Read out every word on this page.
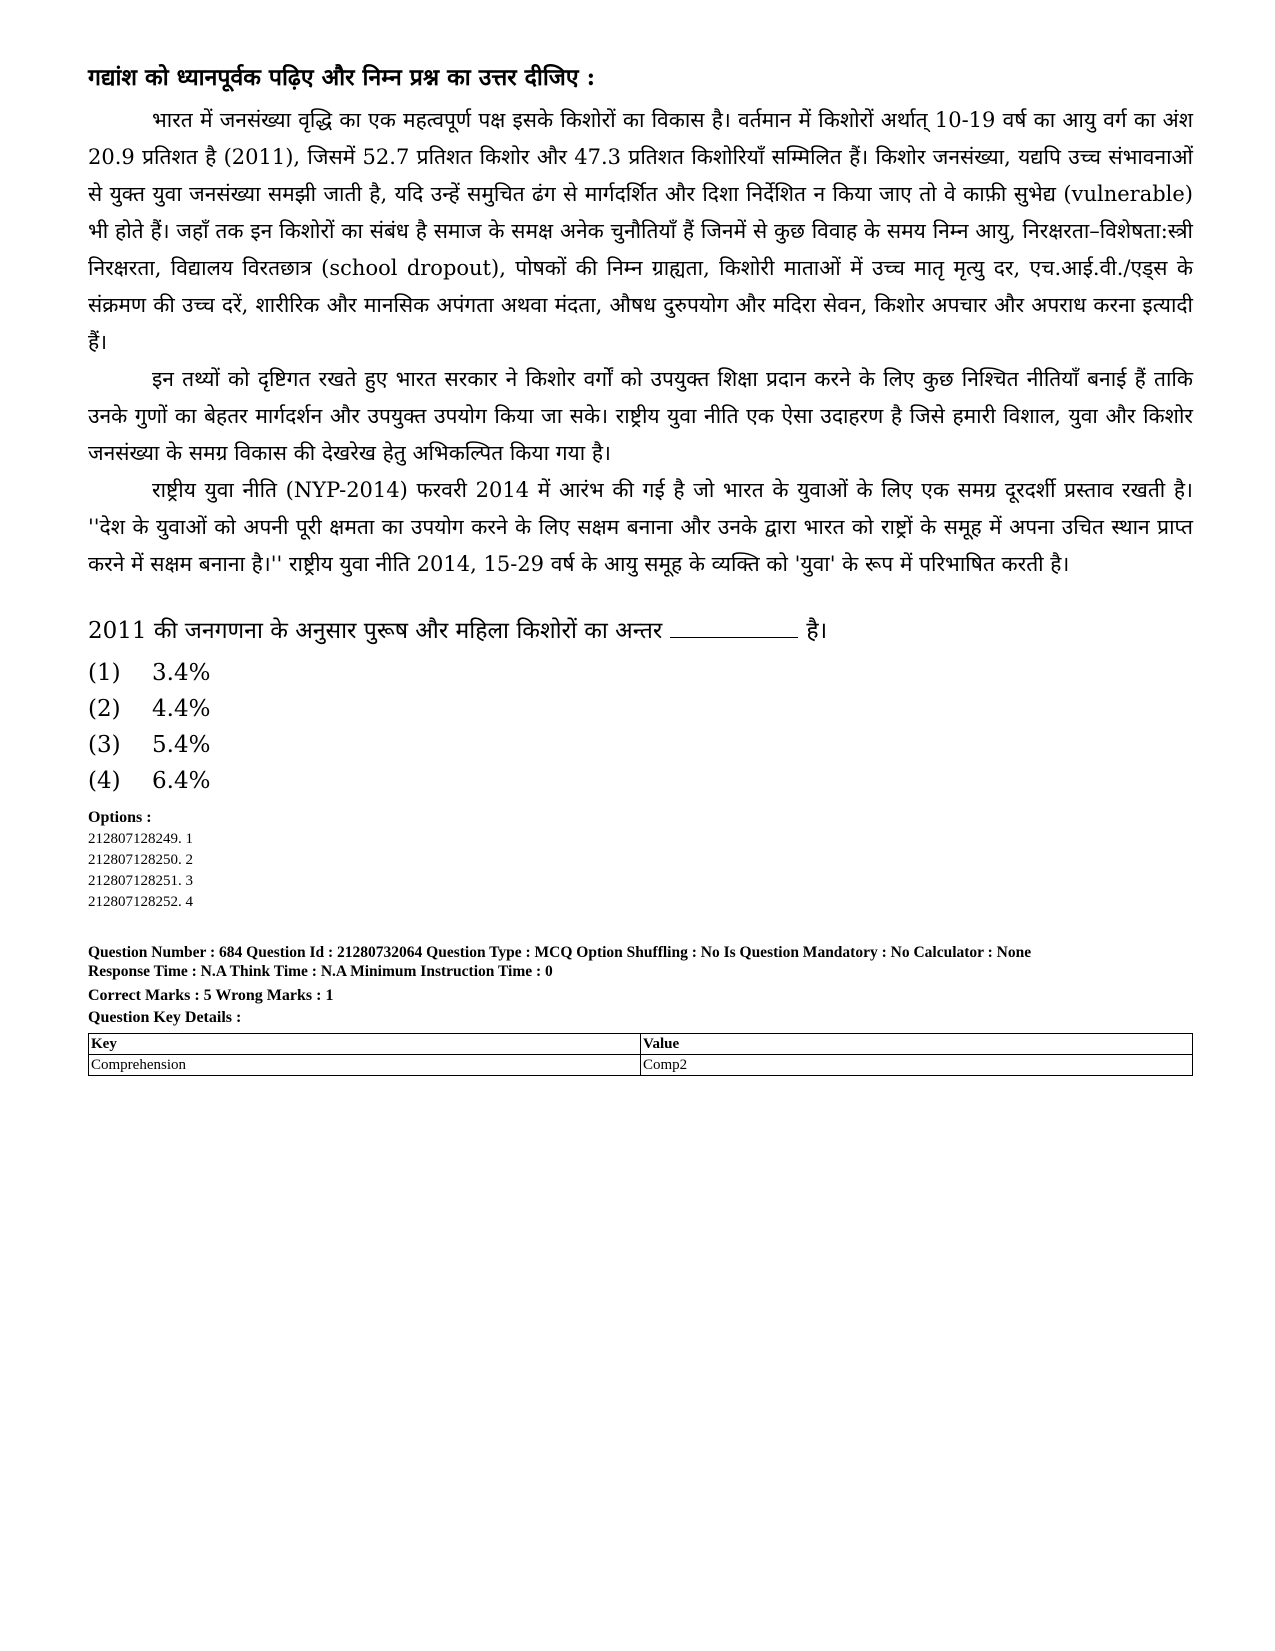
गद्यांश को ध्यानपूर्वक पढ़िए और निम्न प्रश्न का उत्तर दीजिए :

भारत में जनसंख्या वृद्धि का एक महत्वपूर्ण पक्ष इसके किशोरों का विकास है। वर्तमान में किशोरों अर्थात् 10-19 वर्ष का आयु वर्ग का अंश 20.9 प्रतिशत है (2011), जिसमें 52.7 प्रतिशत किशोर और 47.3 प्रतिशत किशोरियाँ सम्मिलित हैं। किशोर जनसंख्या, यद्यपि उच्च संभावनाओं से युक्त युवा जनसंख्या समझी जाती है, यदि उन्हें समुचित ढंग से मार्गदर्शित और दिशा निर्देशित न किया जाए तो वे काफ़ी सुभेद्य (vulnerable) भी होते हैं। जहाँ तक इन किशोरों का संबंध है समाज के समक्ष अनेक चुनौतियाँ हैं जिनमें से कुछ विवाह के समय निम्न आयु, निरक्षरता–विशेषता:स्त्री निरक्षरता, विद्यालय विरतछात्र (school dropout), पोषकों की निम्न ग्राह्यता, किशोरी माताओं में उच्च मातृ मृत्यु दर, एच.आई.वी./एड्स के संक्रमण की उच्च दरें, शारीरिक और मानसिक अपंगता अथवा मंदता, औषध दुरुपयोग और मदिरा सेवन, किशोर अपचार और अपराध करना इत्यादी हैं।

इन तथ्यों को दृष्टिगत रखते हुए भारत सरकार ने किशोर वर्गों को उपयुक्त शिक्षा प्रदान करने के लिए कुछ निश्चित नीतियाँ बनाई हैं ताकि उनके गुणों का बेहतर मार्गदर्शन और उपयुक्त उपयोग किया जा सके। राष्ट्रीय युवा नीति एक ऐसा उदाहरण है जिसे हमारी विशाल, युवा और किशोर जनसंख्या के समग्र विकास की देखरेख हेतु अभिकल्पित किया गया है।

राष्ट्रीय युवा नीति (NYP-2014) फरवरी 2014 में आरंभ की गई है जो भारत के युवाओं के लिए एक समग्र दूरदर्शी प्रस्ताव रखती है। ''देश के युवाओं को अपनी पूरी क्षमता का उपयोग करने के लिए सक्षम बनाना और उनके द्वारा भारत को राष्ट्रों के समूह में अपना उचित स्थान प्राप्त करने में सक्षम बनाना है।'' राष्ट्रीय युवा नीति 2014, 15-29 वर्ष के आयु समूह के व्यक्ति को 'युवा' के रूप में परिभाषित करती है।

2011 की जनगणना के अनुसार पुरूष और महिला किशोरों का अन्तर	है।
(1)	3.4%
(2)	4.4%
(3)	5.4%
(4)	6.4%
Options :
212807128249. 1
212807128250. 2
212807128251. 3
212807128252. 4
Question Number : 684 Question Id : 21280732064 Question Type : MCQ Option Shuffling : No Is Question Mandatory : No Calculator : None
Response Time : N.A Think Time : N.A Minimum Instruction Time : 0
Correct Marks : 5 Wrong Marks : 1
Question Key Details :
Key	Value
Comprehension	Comp2
